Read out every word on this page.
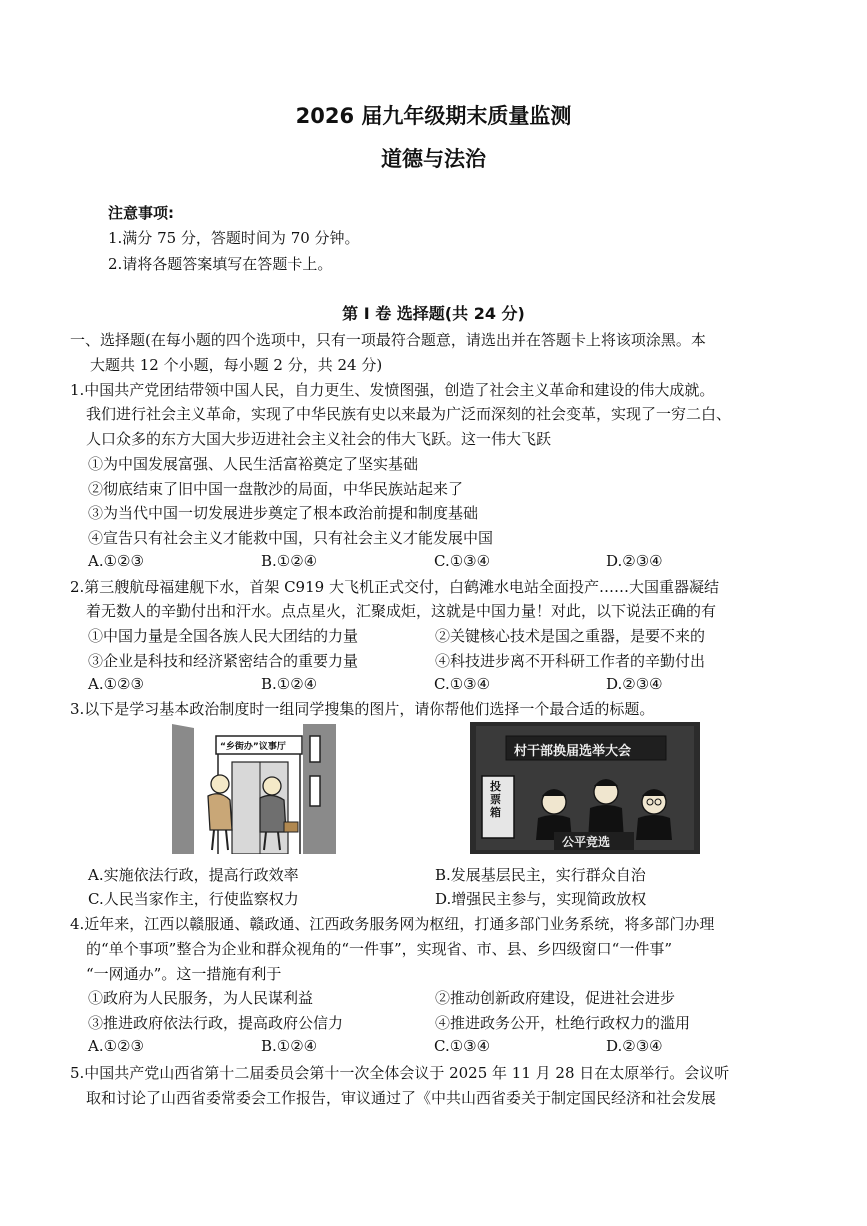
2026 届九年级期末质量监测
道德与法治
注意事项:
1.满分 75 分，答题时间为 70 分钟。
2.请将各题答案填写在答题卡上。
第 Ⅰ 卷 选择题(共 24 分)
一、选择题(在每小题的四个选项中，只有一项最符合题意，请选出并在答题卡上将该项涂黑。本
大题共 12 个小题，每小题 2 分，共 24 分)
1.中国共产党团结带领中国人民，自力更生、发愤图强，创造了社会主义革命和建设的伟大成就。
我们进行社会主义革命，实现了中华民族有史以来最为广泛而深刻的社会变革，实现了一穷二白、
人口众多的东方大国大步迈进社会主义社会的伟大飞跃。这一伟大飞跃
①为中国发展富强、人民生活富裕奠定了坚实基础
②彻底结束了旧中国一盘散沙的局面，中华民族站起来了
③为当代中国一切发展进步奠定了根本政治前提和制度基础
④宣告只有社会主义才能救中国，只有社会主义才能发展中国
A.①②③	B.①②④	C.①③④	D.②③④
2.第三艘航母福建舰下水，首架 C919 大飞机正式交付，白鹤滩水电站全面投产……大国重器凝结
着无数人的辛勤付出和汗水。点点星火，汇聚成炬，这就是中国力量！对此，以下说法正确的有
①中国力量是全国各族人民大团结的力量	②关键核心技术是国之重器，是要不来的
③企业是科技和经济紧密结合的重要力量	④科技进步离不开科研工作者的辛勤付出
A.①②③	B.①②④	C.①③④	D.②③④
3.以下是学习基本政治制度时一组同学搜集的图片，请你帮他们选择一个最合适的标题。
“乡街办”议事厅	村干部换届选举大会
投票箱
公平竞选
A.实施依法行政，提高行政效率	B.发展基层民主，实行群众自治
C.人民当家作主，行使监察权力	D.增强民主参与，实现简政放权
4.近年来，江西以赣服通、赣政通、江西政务服务网为枢纽，打通多部门业务系统，将多部门办理
的“单个事项”整合为企业和群众视角的“一件事”，实现省、市、县、乡四级窗口“一件事”
“一网通办”。这一措施有利于
①政府为人民服务，为人民谋利益	②推动创新政府建设，促进社会进步
③推进政府依法行政，提高政府公信力	④推进政务公开，杜绝行政权力的滥用
A.①②③	B.①②④	C.①③④	D.②③④
5.中国共产党山西省第十二届委员会第十一次全体会议于 2025 年 11 月 28 日在太原举行。会议听
取和讨论了山西省委常委会工作报告，审议通过了《中共山西省委关于制定国民经济和社会发展
